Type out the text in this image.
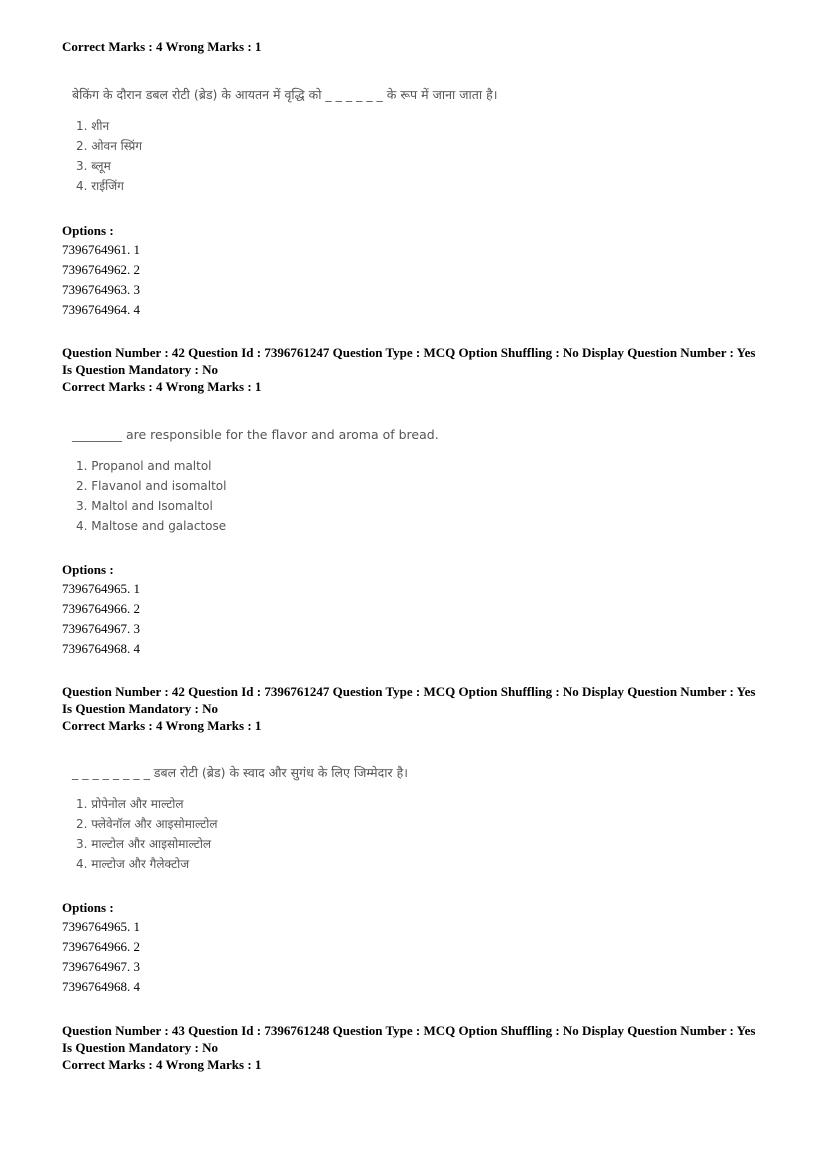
Correct Marks : 4 Wrong Marks : 1
बेकिंग के दौरान डबल रोटी (ब्रेड) के आयतन में वृद्धि को _ _ _ _ _ _ के रूप में जाना जाता है।
1. शीन
2. ओवन स्प्रिंग
3. ब्लूम
4. राईजिंग
Options :
7396764961. 1
7396764962. 2
7396764963. 3
7396764964. 4
Question Number : 42 Question Id : 7396761247 Question Type : MCQ Option Shuffling : No Display Question Number : Yes
Is Question Mandatory : No
Correct Marks : 4 Wrong Marks : 1
________ are responsible for the flavor and aroma of bread.
1. Propanol and maltol
2. Flavanol and isomaltol
3. Maltol and Isomaltol
4. Maltose and galactose
Options :
7396764965. 1
7396764966. 2
7396764967. 3
7396764968. 4
Question Number : 42 Question Id : 7396761247 Question Type : MCQ Option Shuffling : No Display Question Number : Yes
Is Question Mandatory : No
Correct Marks : 4 Wrong Marks : 1
_ _ _ _ _ _ _ _ डबल रोटी (ब्रेड) के स्वाद और सुगंध के लिए जिम्मेदार है।
1. प्रोपेनोल और माल्टोल
2. फ्लेवेनॉल और आइसोमाल्टोल
3. माल्टोल और आइसोमाल्टोल
4. माल्टोज और गैलेक्टोज
Options :
7396764965. 1
7396764966. 2
7396764967. 3
7396764968. 4
Question Number : 43 Question Id : 7396761248 Question Type : MCQ Option Shuffling : No Display Question Number : Yes
Is Question Mandatory : No
Correct Marks : 4 Wrong Marks : 1
